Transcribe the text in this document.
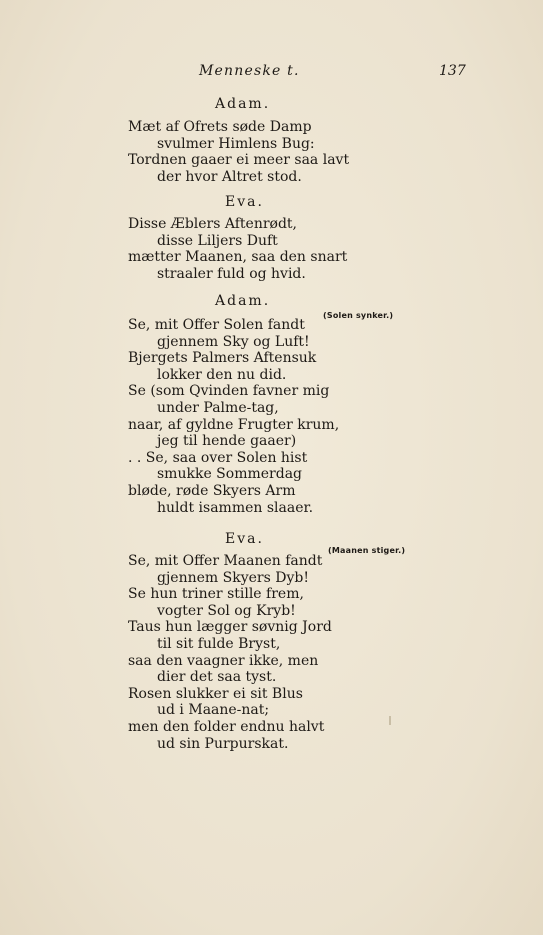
Menneske t.	137
Adam.
Mæt af Ofrets søde Damp
svulmer Himlens Bug:
Tordnen gaaer ei meer saa lavt
der hvor Altret stod.
Eva.
Disse Æblers Aftenrødt,
disse Liljers Duft
mætter Maanen, saa den snart
straaler fuld og hvid.
Adam.
(Solen synker.)
Se, mit Offer Solen fandt
gjennem Sky og Luft!
Bjergets Palmers Aftensuk
lokker den nu did.
Se (som Qvinden favner mig
under Palme-tag,
naar, af gyldne Frugter krum,
jeg til hende gaaer)
. . Se, saa over Solen hist
smukke Sommerdag
bløde, røde Skyers Arm
huldt isammen slaaer.
Eva.
(Maanen stiger.)
Se, mit Offer Maanen fandt
gjennem Skyers Dyb!
Se hun triner stille frem,
vogter Sol og Kryb!
Taus hun lægger søvnig Jord
til sit fulde Bryst,
saa den vaagner ikke, men
dier det saa tyst.
Rosen slukker ei sit Blus
ud i Maane-nat;
men den folder endnu halvt
ud sin Purpurskat.
